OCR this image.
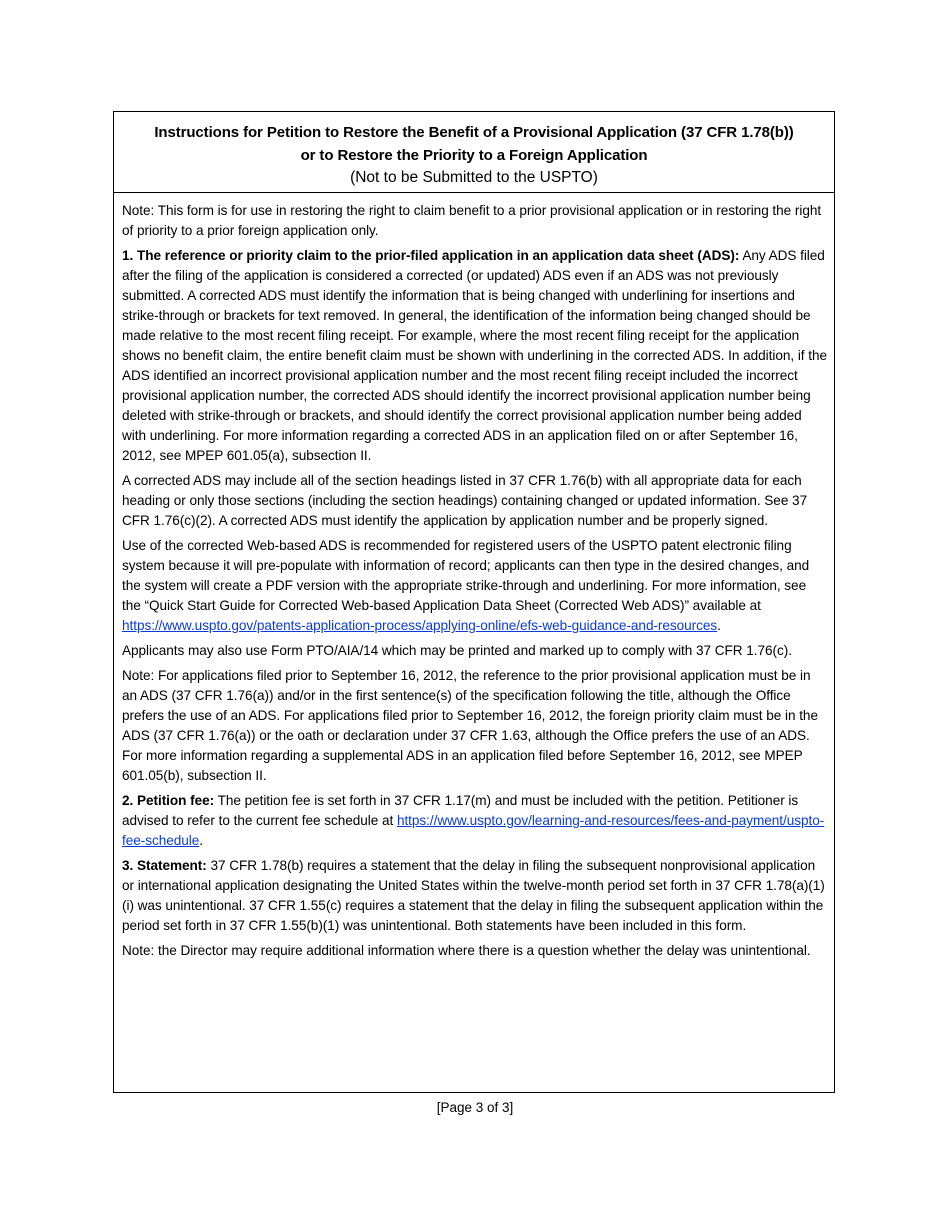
Instructions for Petition to Restore the Benefit of a Provisional Application (37 CFR 1.78(b))
or to Restore the Priority to a Foreign Application
(Not to be Submitted to the USPTO)

Note: This form is for use in restoring the right to claim benefit to a prior provisional application or in restoring the right of priority to a prior foreign application only.

1. The reference or priority claim to the prior-filed application in an application data sheet (ADS): Any ADS filed after the filing of the application is considered a corrected (or updated) ADS even if an ADS was not previously submitted. A corrected ADS must identify the information that is being changed with underlining for insertions and strike-through or brackets for text removed. In general, the identification of the information being changed should be made relative to the most recent filing receipt. For example, where the most recent filing receipt for the application shows no benefit claim, the entire benefit claim must be shown with underlining in the corrected ADS. In addition, if the ADS identified an incorrect provisional application number and the most recent filing receipt included the incorrect provisional application number, the corrected ADS should identify the incorrect provisional application number being deleted with strike-through or brackets, and should identify the correct provisional application number being added with underlining. For more information regarding a corrected ADS in an application filed on or after September 16, 2012, see MPEP 601.05(a), subsection II.

A corrected ADS may include all of the section headings listed in 37 CFR 1.76(b) with all appropriate data for each heading or only those sections (including the section headings) containing changed or updated information. See 37 CFR 1.76(c)(2). A corrected ADS must identify the application by application number and be properly signed.

Use of the corrected Web-based ADS is recommended for registered users of the USPTO patent electronic filing system because it will pre-populate with information of record; applicants can then type in the desired changes, and the system will create a PDF version with the appropriate strike-through and underlining. For more information, see the “Quick Start Guide for Corrected Web-based Application Data Sheet (Corrected Web ADS)” available at https://www.uspto.gov/patents-application-process/applying-online/efs-web-guidance-and-resources.

Applicants may also use Form PTO/AIA/14 which may be printed and marked up to comply with 37 CFR 1.76(c).

Note: For applications filed prior to September 16, 2012, the reference to the prior provisional application must be in an ADS (37 CFR 1.76(a)) and/or in the first sentence(s) of the specification following the title, although the Office prefers the use of an ADS. For applications filed prior to September 16, 2012, the foreign priority claim must be in the ADS (37 CFR 1.76(a)) or the oath or declaration under 37 CFR 1.63, although the Office prefers the use of an ADS. For more information regarding a supplemental ADS in an application filed before September 16, 2012, see MPEP 601.05(b), subsection II.

2. Petition fee: The petition fee is set forth in 37 CFR 1.17(m) and must be included with the petition. Petitioner is advised to refer to the current fee schedule at https://www.uspto.gov/learning-and-resources/fees-and-payment/uspto-fee-schedule.

3. Statement: 37 CFR 1.78(b) requires a statement that the delay in filing the subsequent nonprovisional application or international application designating the United States within the twelve-month period set forth in 37 CFR 1.78(a)(1)(i) was unintentional. 37 CFR 1.55(c) requires a statement that the delay in filing the subsequent application within the period set forth in 37 CFR 1.55(b)(1) was unintentional. Both statements have been included in this form.

Note: the Director may require additional information where there is a question whether the delay was unintentional.

[Page 3 of 3]
